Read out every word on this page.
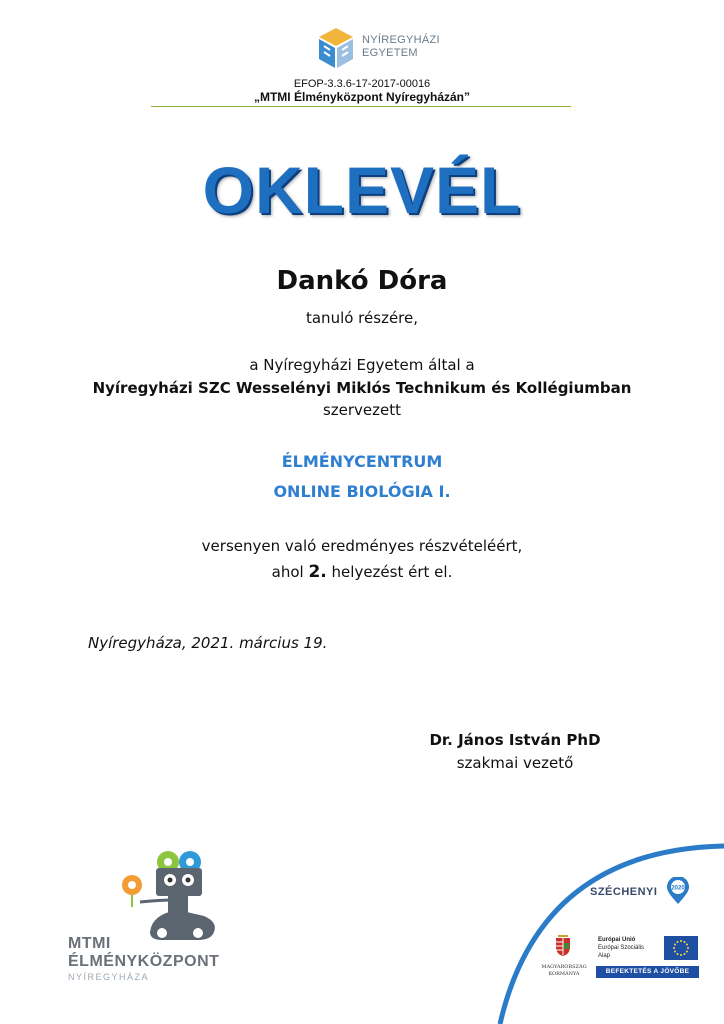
NYÍREGYHÁZI
EGYETEM
EFOP-3.3.6-17-2017-00016
„MTMI Élményközpont Nyíregyházán”
OKLEVÉL
Dankó Dóra
tanuló részére,
a Nyíregyházi Egyetem által a
Nyíregyházi SZC Wesselényi Miklós Technikum és Kollégiumban
szervezett
ÉLMÉNYCENTRUM
ONLINE BIOLÓGIA I.
versenyen való eredményes részvételéért,
ahol 2. helyezést ért el.
Nyíregyháza, 2021. március 19.
Dr. János István PhD
szakmai vezető
MTMI
ÉLMÉNYKÖZPONT
NYÍREGYHÁZA
SZÉCHENYI 2020
MAGYARORSZÁG
KORMÁNYA
Európai Unió
Európai Szociális
Alap
BEFEKTETÉS A JÖVŐBE
